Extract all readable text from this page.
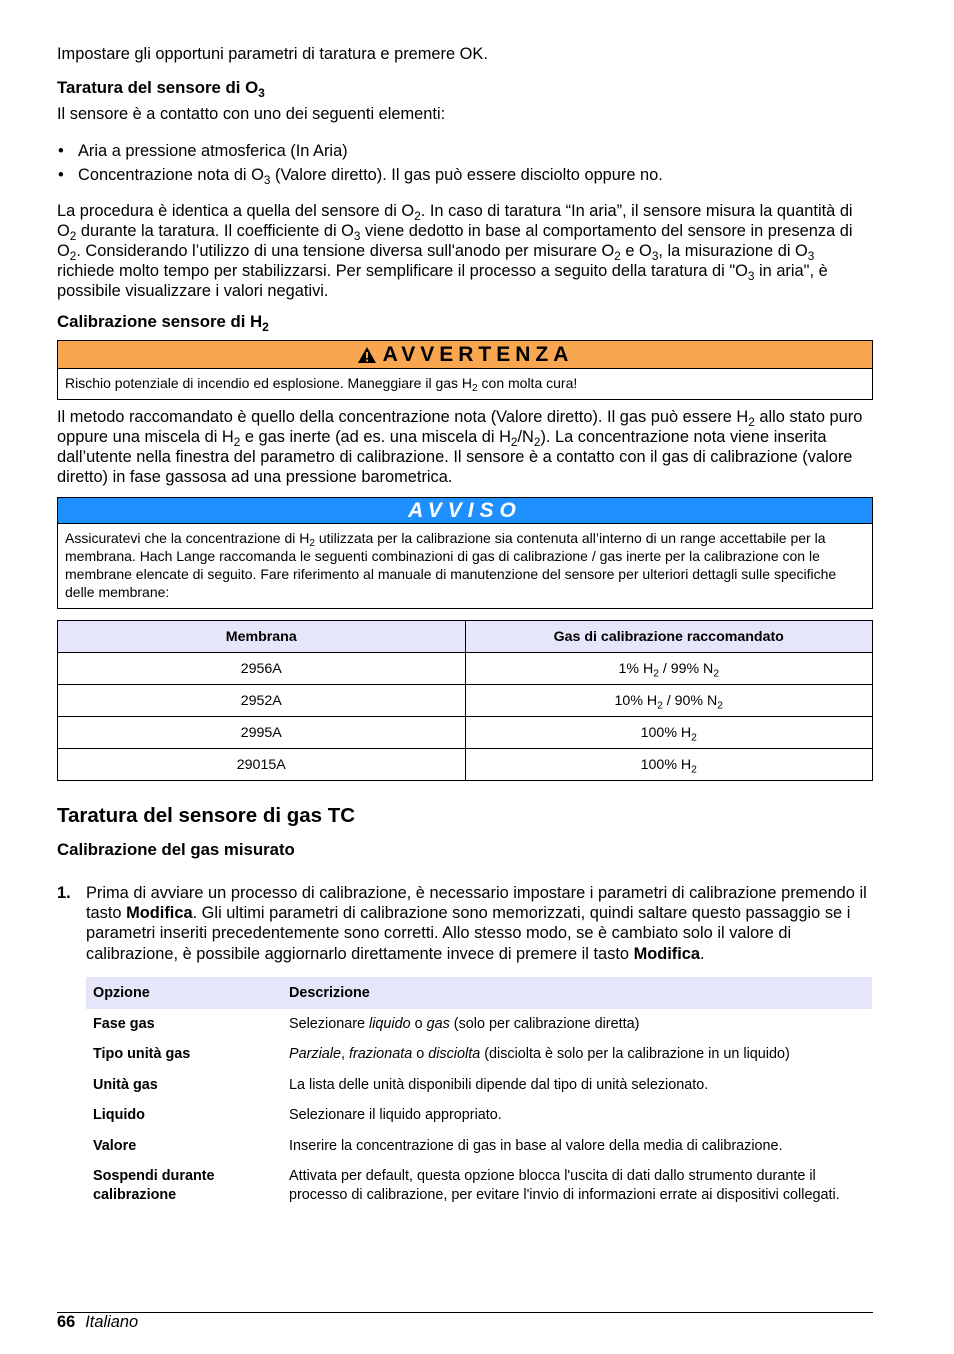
Impostare gli opportuni parametri di taratura e premere OK.

Taratura del sensore di $O_3$

Il sensore è a contatto con uno dei seguenti elementi:

• Aria a pressione atmosferica (In Aria)
• Concentrazione nota di $O_3$ (Valore diretto). Il gas può essere disciolto oppure no.

La procedura è identica a quella del sensore di $O_2$. In caso di taratura “In aria”, il sensore misura la quantità di $O_2$ durante la taratura. Il coefficiente di $O_3$ viene dedotto in base al comportamento del sensore in presenza di $O_2$. Considerando l’utilizzo di una tensione diversa sull'anodo per misurare $O_2$ e $O_3$, la misurazione di $O_3$ richiede molto tempo per stabilizzarsi. Per semplificare il processo a seguito della taratura di "$O_3$ in aria", è possibile visualizzare i valori negativi.

Calibrazione sensore di $H_2$
AVVERTENZA
Rischio potenziale di incendio ed esplosione. Maneggiare il gas $H_2$ con molta cura!

Il metodo raccomandato è quello della concentrazione nota (Valore diretto). Il gas può essere $H_2$ allo stato puro oppure una miscela di $H_2$ e gas inerte (ad es. una miscela di $H_2/N_2$). La concentrazione nota viene inserita dall’utente nella finestra del parametro di calibrazione. Il sensore è a contatto con il gas di calibrazione (valore diretto) in fase gassosa ad una pressione barometrica.

AVVISO
Assicuratevi che la concentrazione di $H_2$ utilizzata per la calibrazione sia contenuta all’interno di un range accettabile per la membrana. Hach Lange raccomanda le seguenti combinazioni di gas di calibrazione / gas inerte per la calibrazione con le membrane elencate di seguito. Fare riferimento al manuale di manutenzione del sensore per ulteriori dettagli sulle specifiche delle membrane:
Membrana	Gas di calibrazione raccomandato
2956A	1% $H_2 / 99\%$ $N_2$
2952A	10% $H_2 / 90\%$ $N_2$
2995A	100% $H_2$
29015A	100% $H_2$
Taratura del sensore di gas TC
Calibrazione del gas misurato
1. Prima di avviare un processo di calibrazione, è necessario impostare i parametri di calibrazione premendo il tasto Modifica. Gli ultimi parametri di calibrazione sono memorizzati, quindi saltare questo passaggio se i parametri inseriti precedentemente sono corretti. Allo stesso modo, se è cambiato solo il valore di calibrazione, è possibile aggiornarlo direttamente invece di premere il tasto Modifica.
Opzione	Descrizione
Fase gas	Selezionare liquido o gas (solo per calibrazione diretta)
Tipo unità gas	Parziale, frazionata o disciolta (disciolta è solo per la calibrazione in un liquido)
Unità gas	La lista delle unità disponibili dipende dal tipo di unità selezionato.
Liquido	Selezionare il liquido appropriato.
Valore	Inserire la concentrazione di gas in base al valore della media di calibrazione.
Sospendi durante calibrazione	Attivata per default, questa opzione blocca l'uscita di dati dallo strumento durante il processo di calibrazione, per evitare l'invio di informazioni errate ai dispositivi collegati.
66 Italiano
